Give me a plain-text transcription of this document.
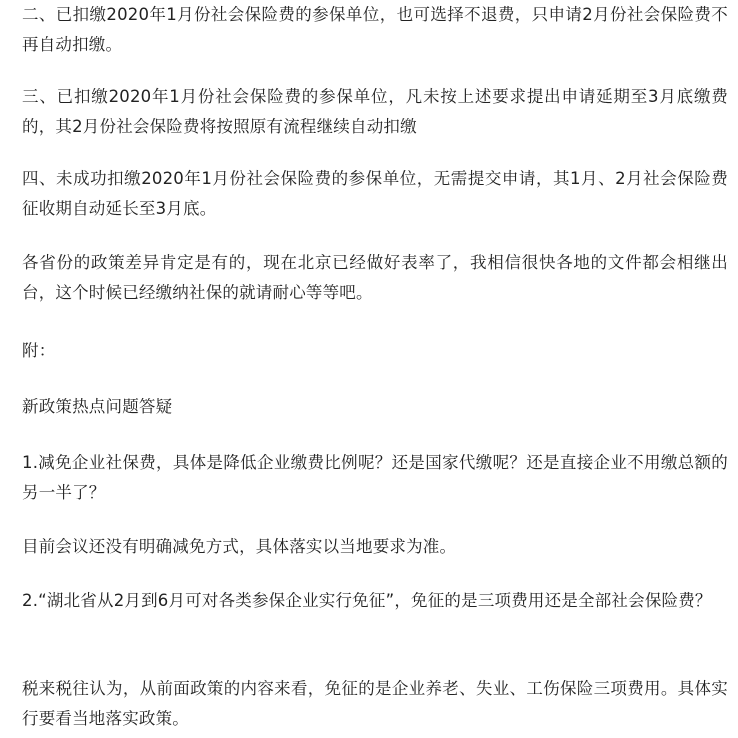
二、已扣缴2020年1月份社会保险费的参保单位，也可选择不退费，只申请2月份社会保险费不再自动扣缴。

三、已扣缴2020年1月份社会保险费的参保单位，凡未按上述要求提出申请延期至3月底缴费的，其2月份社会保险费将按照原有流程继续自动扣缴

四、未成功扣缴2020年1月份社会保险费的参保单位，无需提交申请，其1月、2月社会保险费征收期自动延长至3月底。

各省份的政策差异肯定是有的，现在北京已经做好表率了，我相信很快各地的文件都会相继出台，这个时候已经缴纳社保的就请耐心等等吧。

附：

新政策热点问题答疑

1.减免企业社保费，具体是降低企业缴费比例呢？还是国家代缴呢？还是直接企业不用缴总额的另一半了？

目前会议还没有明确减免方式，具体落实以当地要求为准。

2.“湖北省从2月到6月可对各类参保企业实行免征”，免征的是三项费用还是全部社会保险费？

税来税往认为，从前面政策的内容来看，免征的是企业养老、失业、工伤保险三项费用。具体实行要看当地落实政策。
